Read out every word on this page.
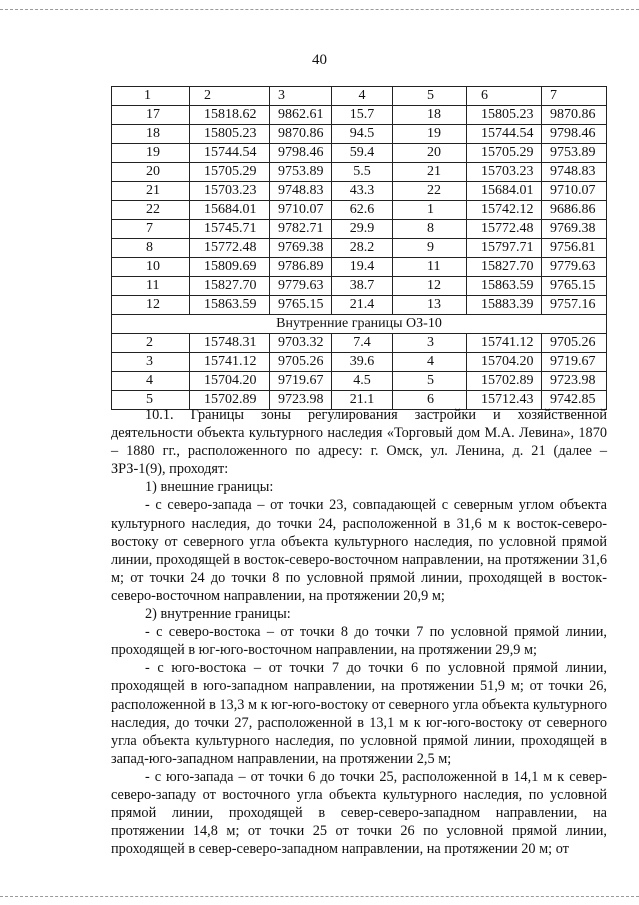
40
1	2	3	4	5	6	7
17	15818.62	9862.61	15.7	18	15805.23	9870.86
18	15805.23	9870.86	94.5	19	15744.54	9798.46
19	15744.54	9798.46	59.4	20	15705.29	9753.89
20	15705.29	9753.89	5.5	21	15703.23	9748.83
21	15703.23	9748.83	43.3	22	15684.01	9710.07
22	15684.01	9710.07	62.6	1	15742.12	9686.86
7	15745.71	9782.71	29.9	8	15772.48	9769.38
8	15772.48	9769.38	28.2	9	15797.71	9756.81
10	15809.69	9786.89	19.4	11	15827.70	9779.63
11	15827.70	9779.63	38.7	12	15863.59	9765.15
12	15863.59	9765.15	21.4	13	15883.39	9757.16
Внутренние границы ОЗ-10						
2	15748.31	9703.32	7.4	3	15741.12	9705.26
3	15741.12	9705.26	39.6	4	15704.20	9719.67
4	15704.20	9719.67	4.5	5	15702.89	9723.98
5	15702.89	9723.98	21.1	6	15712.43	9742.85

10.1. Границы зоны регулирования застройки и хозяйственной деятельности объекта культурного наследия «Торговый дом М.А. Левина», 1870 – 1880 гг., расположенного по адресу: г. Омск, ул. Ленина, д. 21 (далее – ЗРЗ-1(9), проходят:

1) внешние границы:

- с северо-запада – от точки 23, совпадающей с северным углом объекта культурного наследия, до точки 24, расположенной в 31,6 м к восток-северо-востоку от северного угла объекта культурного наследия, по условной прямой линии, проходящей в восток-северо-восточном направлении, на протяжении 31,6 м; от точки 24 до точки 8 по условной прямой линии, проходящей в восток-северо-восточном направлении, на протяжении 20,9 м;

2) внутренние границы:

- с северо-востока – от точки 8 до точки 7 по условной прямой линии, проходящей в юг-юго-восточном направлении, на протяжении 29,9 м;

- с юго-востока – от точки 7 до точки 6 по условной прямой линии, проходящей в юго-западном направлении, на протяжении 51,9 м; от точки 26, расположенной в 13,3 м к юг-юго-востоку от северного угла объекта культурного наследия, до точки 27, расположенной в 13,1 м к юг-юго-востоку от северного угла объекта культурного наследия, по условной прямой линии, проходящей в запад-юго-западном направлении, на протяжении 2,5 м;

- с юго-запада – от точки 6 до точки 25, расположенной в 14,1 м к север-северо-западу от восточного угла объекта культурного наследия, по условной прямой линии, проходящей в север-северо-западном направлении, на протяжении 14,8 м; от точки 25 от точки 26 по условной прямой линии, проходящей в север-северо-западном направлении, на протяжении 20 м; от
